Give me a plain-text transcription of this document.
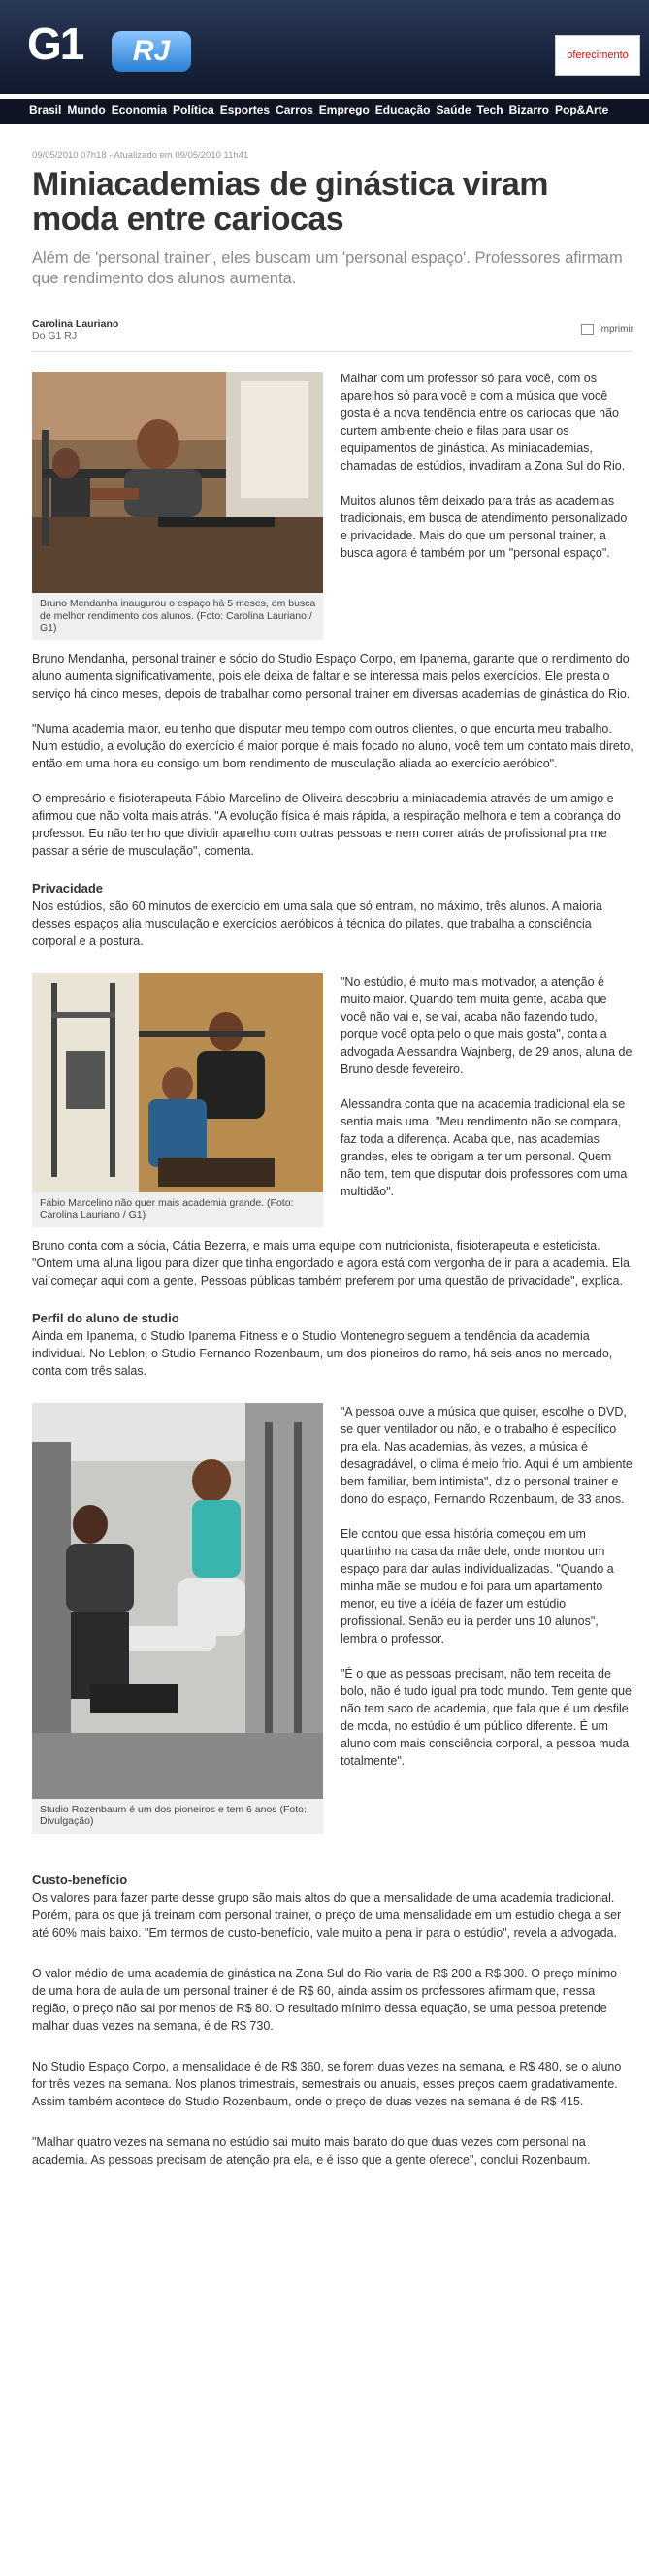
G1	RJ	oferecimento
Brasil Mundo Economia Política Esportes Carros Emprego Educação Saúde Tech Bizarro Pop&Arte
09/05/2010 07h18 - Atualizado em 09/05/2010 11h41
Miniacademias de ginástica viram moda entre cariocas
Além de 'personal trainer', eles buscam um 'personal espaço'. Professores afirmam que rendimento dos alunos aumenta.
Carolina Lauriano
Do G1 RJ
imprimir
Bruno Mendanha inaugurou o espaço há 5 meses, em busca de melhor rendimento dos alunos. (Foto: Carolina Lauriano / G1)

Malhar com um professor só para você, com os aparelhos só para você e com a música que você gosta é a nova tendência entre os cariocas que não curtem ambiente cheio e filas para usar os equipamentos de ginástica. As miniacademias, chamadas de estúdios, invadiram a Zona Sul do Rio.

Muitos alunos têm deixado para trás as academias tradicionais, em busca de atendimento personalizado e privacidade. Mais do que um personal trainer, a busca agora é também por um "personal espaço".

Bruno Mendanha, personal trainer e sócio do Studio Espaço Corpo, em Ipanema, garante que o rendimento do aluno aumenta significativamente, pois ele deixa de faltar e se interessa mais pelos exercícios. Ele presta o serviço há cinco meses, depois de trabalhar como personal trainer em diversas academias de ginástica do Rio.

"Numa academia maior, eu tenho que disputar meu tempo com outros clientes, o que encurta meu trabalho. Num estúdio, a evolução do exercício é maior porque é mais focado no aluno, você tem um contato mais direto, então em uma hora eu consigo um bom rendimento de musculação aliada ao exercício aeróbico".

O empresário e fisioterapeuta Fábio Marcelino de Oliveira descobriu a miniacademia através de um amigo e afirmou que não volta mais atrás. "A evolução física é mais rápida, a respiração melhora e tem a cobrança do professor. Eu não tenho que dividir aparelho com outras pessoas e nem correr atrás de profissional pra me passar a série de musculação", comenta.

Privacidade

Nos estúdios, são 60 minutos de exercício em uma sala que só entram, no máximo, três alunos. A maioria desses espaços alia musculação e exercícios aeróbicos à técnica do pilates, que trabalha a consciência corporal e a postura.

Fábio Marcelino não quer mais academia grande. (Foto: Carolina Lauriano / G1)

"No estúdio, é muito mais motivador, a atenção é muito maior. Quando tem muita gente, acaba que você não vai e, se vai, acaba não fazendo tudo, porque você opta pelo o que mais gosta", conta a advogada Alessandra Wajnberg, de 29 anos, aluna de Bruno desde fevereiro.

Alessandra conta que na academia tradicional ela se sentia mais uma. "Meu rendimento não se compara, faz toda a diferença. Acaba que, nas academias grandes, eles te obrigam a ter um personal. Quem não tem, tem que disputar dois professores com uma multidão".

Bruno conta com a sócia, Cátia Bezerra, e mais uma equipe com nutricionista, fisioterapeuta e esteticista. "Ontem uma aluna ligou para dizer que tinha engordado e agora está com vergonha de ir para a academia. Ela vai começar aqui com a gente. Pessoas públicas também preferem por uma questão de privacidade", explica.

Perfil do aluno de studio

Ainda em Ipanema, o Studio Ipanema Fitness e o Studio Montenegro seguem a tendência da academia individual. No Leblon, o Studio Fernando Rozenbaum, um dos pioneiros do ramo, há seis anos no mercado, conta com três salas.

Studio Rozenbaum é um dos pioneiros e tem 6 anos (Foto: Divulgação)

"A pessoa ouve a música que quiser, escolhe o DVD, se quer ventilador ou não, e o trabalho é específico pra ela. Nas academias, às vezes, a música é desagradável, o clima é meio frio. Aqui é um ambiente bem familiar, bem intimista", diz o personal trainer e dono do espaço, Fernando Rozenbaum, de 33 anos.

Ele contou que essa história começou em um quartinho na casa da mãe dele, onde montou um espaço para dar aulas individualizadas. "Quando a minha mãe se mudou e foi para um apartamento menor, eu tive a idéia de fazer um estúdio profissional. Senão eu ia perder uns 10 alunos", lembra o professor.

"É o que as pessoas precisam, não tem receita de bolo, não é tudo igual pra todo mundo. Tem gente que não tem saco de academia, que fala que é um desfile de moda, no estúdio é um público diferente. É um aluno com mais consciência corporal, a pessoa muda totalmente".

Custo-benefício

Os valores para fazer parte desse grupo são mais altos do que a mensalidade de uma academia tradicional. Porém, para os que já treinam com personal trainer, o preço de uma mensalidade em um estúdio chega a ser até 60% mais baixo. "Em termos de custo-benefício, vale muito a pena ir para o estúdio", revela a advogada.

O valor médio de uma academia de ginástica na Zona Sul do Rio varia de R$ 200 a R$ 300. O preço mínimo de uma hora de aula de um personal trainer é de R$ 60, ainda assim os professores afirmam que, nessa região, o preço não sai por menos de R$ 80. O resultado mínimo dessa equação, se uma pessoa pretende malhar duas vezes na semana, é de R$ 730.

No Studio Espaço Corpo, a mensalidade é de R$ 360, se forem duas vezes na semana, e R$ 480, se o aluno for três vezes na semana. Nos planos trimestrais, semestrais ou anuais, esses preços caem gradativamente. Assim também acontece do Studio Rozenbaum, onde o preço de duas vezes na semana é de R$ 415.

"Malhar quatro vezes na semana no estúdio sai muito mais barato do que duas vezes com personal na academia. As pessoas precisam de atenção pra ela, e é isso que a gente oferece", conclui Rozenbaum.
